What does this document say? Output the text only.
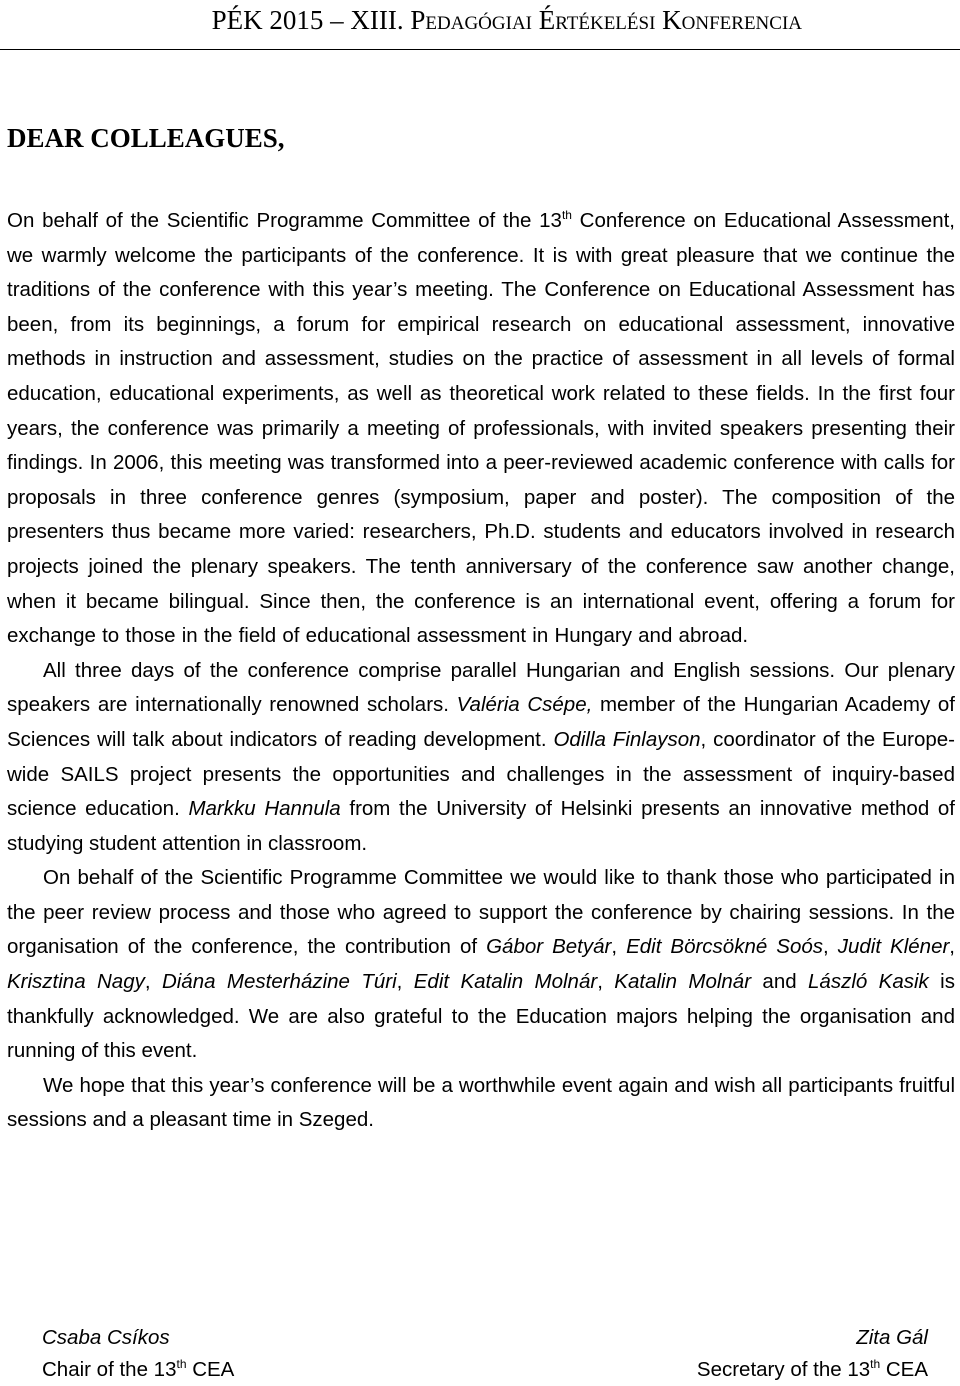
PÉK 2015 – XIII. Pedagógiai Értékelési Konferencia
DEAR COLLEAGUES,

On behalf of the Scientific Programme Committee of the 13th Conference on Educational Assessment, we warmly welcome the participants of the conference. It is with great pleasure that we continue the traditions of the conference with this year’s meeting. The Conference on Educational Assessment has been, from its beginnings, a forum for empirical research on educational assessment, innovative methods in instruction and assessment, studies on the practice of assessment in all levels of formal education, educational experiments, as well as theoretical work related to these fields. In the first four years, the conference was primarily a meeting of professionals, with invited speakers presenting their findings. In 2006, this meeting was transformed into a peer-reviewed academic conference with calls for proposals in three conference genres (symposium, paper and poster). The composition of the presenters thus became more varied: researchers, Ph.D. students and educators involved in research projects joined the plenary speakers. The tenth anniversary of the conference saw another change, when it became bilingual. Since then, the conference is an international event, offering a forum for exchange to those in the field of educational assessment in Hungary and abroad.

All three days of the conference comprise parallel Hungarian and English sessions. Our plenary speakers are internationally renowned scholars. Valéria Csépe, member of the Hungarian Academy of Sciences will talk about indicators of reading development. Odilla Finlayson, coordinator of the Europe-wide SAILS project presents the opportunities and challenges in the assessment of inquiry-based science education. Markku Hannula from the University of Helsinki presents an innovative method of studying student attention in classroom.

On behalf of the Scientific Programme Committee we would like to thank those who participated in the peer review process and those who agreed to support the conference by chairing sessions. In the organisation of the conference, the contribution of Gábor Betyár, Edit Börcsökné Soós, Judit Kléner, Krisztina Nagy, Diána Mesterházine Túri, Edit Katalin Molnár, Katalin Molnár and László Kasik is thankfully acknowledged. We are also grateful to the Education majors helping the organisation and running of this event.

We hope that this year’s conference will be a worthwhile event again and wish all participants fruitful sessions and a pleasant time in Szeged.

Csaba Csíkos
Chair of the 13th CEA
Zita Gál
Secretary of the 13th CEA
